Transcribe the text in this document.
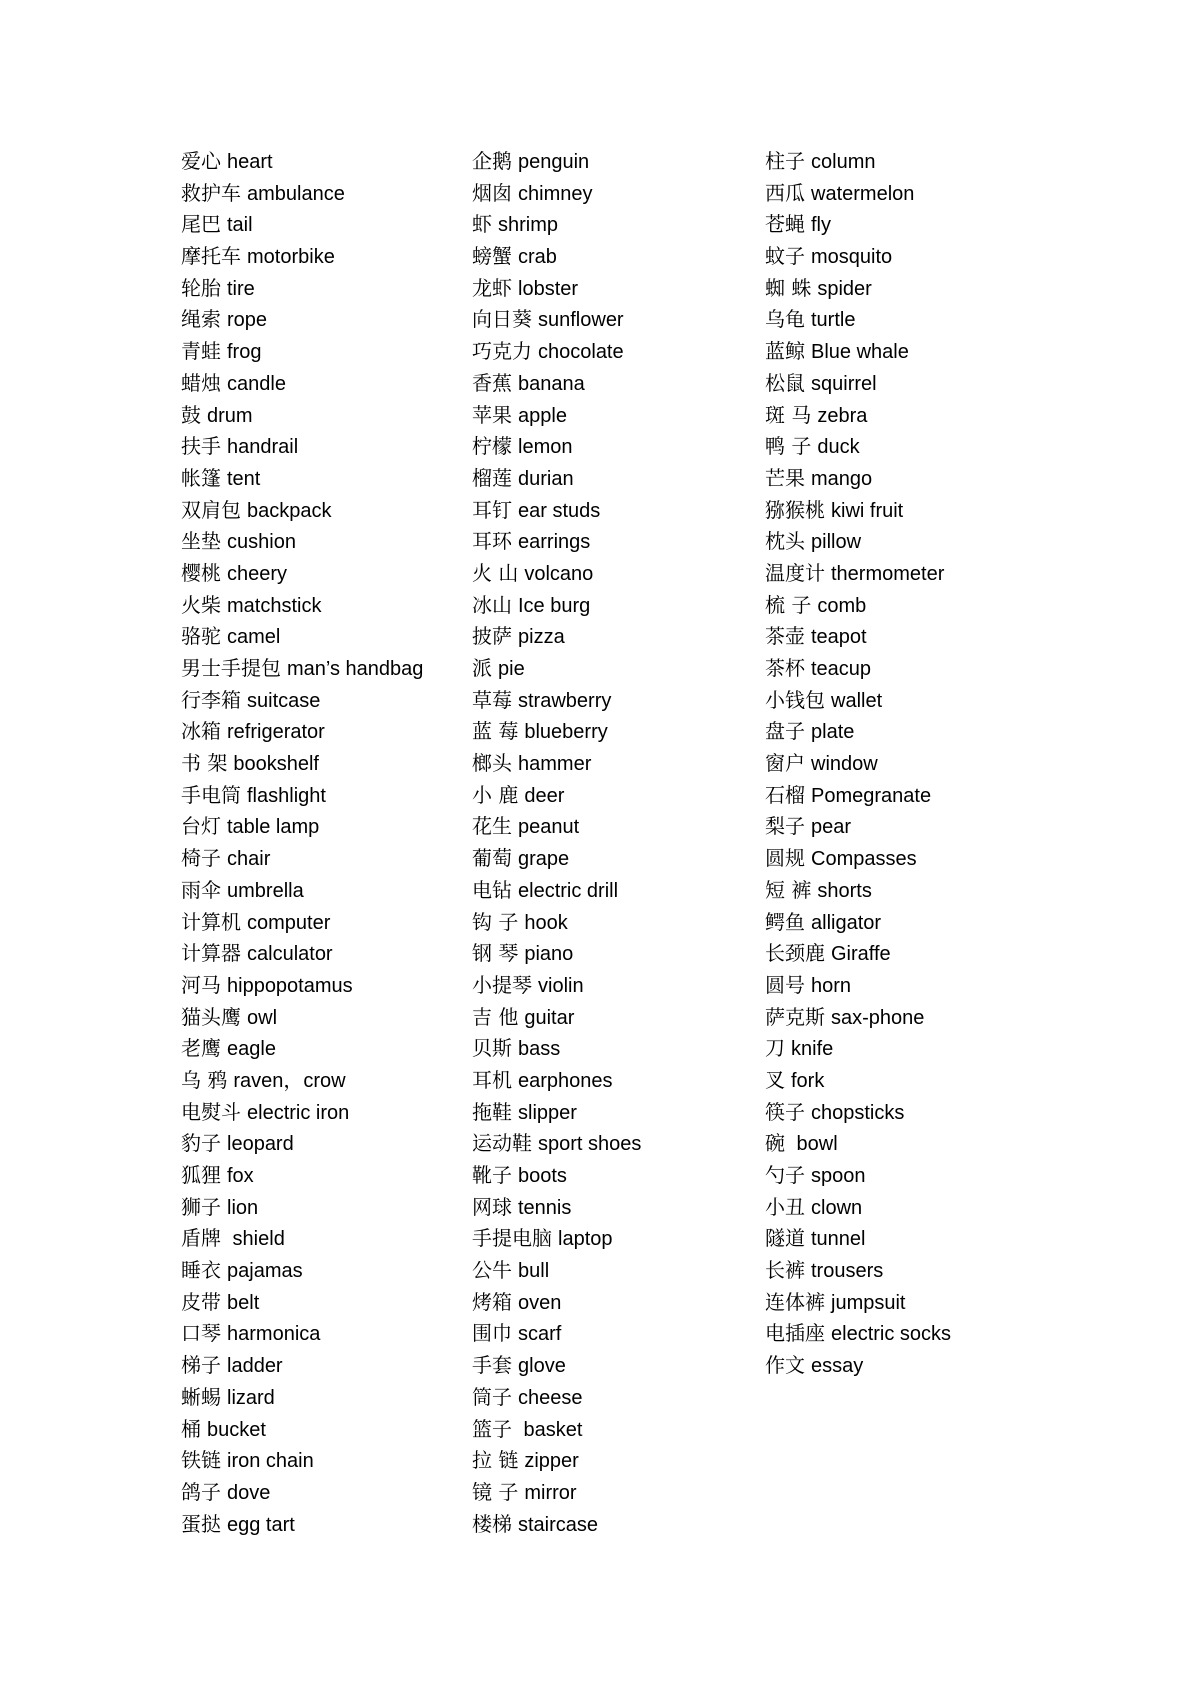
爱心 heart
救护车 ambulance
尾巴 tail
摩托车 motorbike
轮胎 tire
绳索 rope
青蛙 frog
蜡烛 candle
鼓 drum
扶手 handrail
帐篷 tent
双肩包 backpack
坐垫 cushion
樱桃 cheery
火柴 matchstick
骆驼 camel
男士手提包 man’s handbag
行李箱 suitcase
冰箱 refrigerator
书 架 bookshelf
手电筒 flashlight
台灯 table lamp
椅子 chair
雨伞 umbrella
计算机 computer
计算器 calculator
河马 hippopotamus
猫头鹰 owl
老鹰 eagle
乌 鸦 raven，crow
电熨斗 electric iron
豹子 leopard
狐狸 fox
狮子 lion
盾牌 shield
睡衣 pajamas
皮带 belt
口琴 harmonica
梯子 ladder
蜥蜴 lizard
桶 bucket
铁链 iron chain
鸽子 dove
蛋挞 egg tart
企鹅 penguin
烟囱 chimney
虾 shrimp
螃蟹 crab
龙虾 lobster
向日葵 sunflower
巧克力 chocolate
香蕉 banana
苹果 apple
柠檬 lemon
榴莲 durian
耳钉 ear studs
耳环 earrings
火 山 volcano
冰山 Ice burg
披萨 pizza
派 pie
草莓 strawberry
蓝 莓 blueberry
榔头 hammer
小 鹿 deer
花生 peanut
葡萄 grape
电钻 electric drill
钩 子 hook
钢 琴 piano
小提琴 violin
吉 他 guitar
贝斯 bass
耳机 earphones
拖鞋 slipper
运动鞋 sport shoes
靴子 boots
网球 tennis
手提电脑 laptop
公牛 bull
烤箱 oven
围巾 scarf
手套 glove
筒子 cheese
篮子 basket
拉 链 zipper
镜 子 mirror
楼梯 staircase
柱子 column
西瓜 watermelon
苍蝇 fly
蚊子 mosquito
蜘 蛛 spider
乌龟 turtle
蓝鲸 Blue whale
松鼠 squirrel
斑 马 zebra
鸭 子 duck
芒果 mango
猕猴桃 kiwi fruit
枕头 pillow
温度计 thermometer
梳 子 comb
茶壶 teapot
茶杯 teacup
小钱包 wallet
盘子 plate
窗户 window
石榴 Pomegranate
梨子 pear
圆规 Compasses
短 裤 shorts
鳄鱼 alligator
长颈鹿 Giraffe
圆号 horn
萨克斯 sax-phone
刀 knife
叉 fork
筷子 chopsticks
碗 bowl
勺子 spoon
小丑 clown
隧道 tunnel
长裤 trousers
连体裤 jumpsuit
电插座 electric socks
作文 essay
